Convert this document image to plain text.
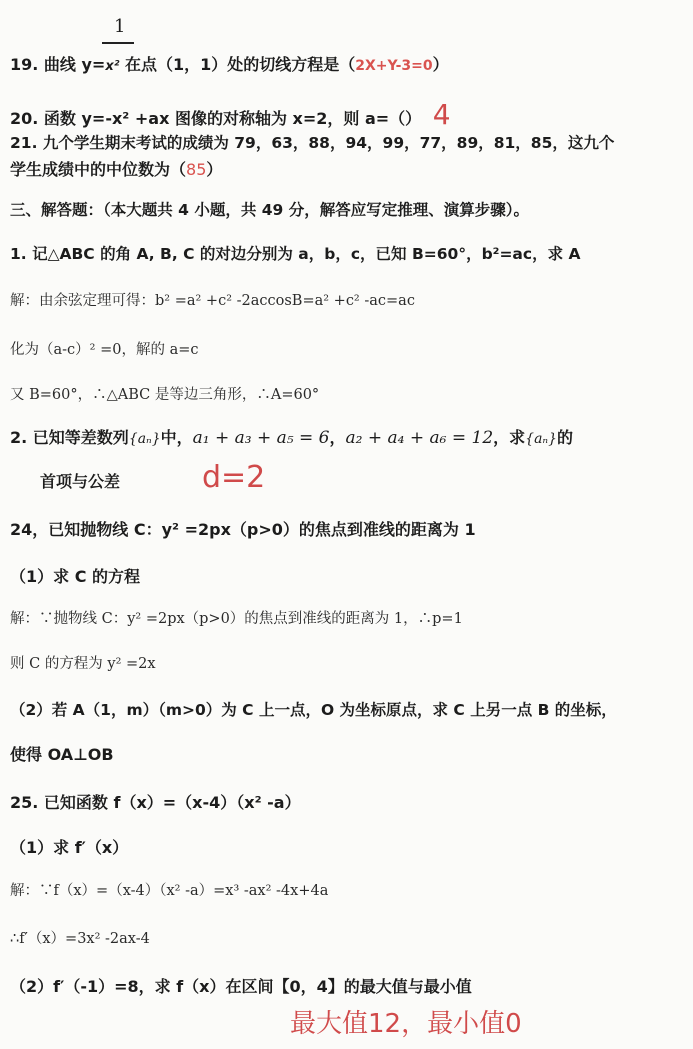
1
19. 曲线 y=x² 在点（1，1）处的切线方程是（2X+Y-3=0）
20. 函数 y=-x² +ax 图像的对称轴为 x=2，则 a=（） 4
21. 九个学生期末考试的成绩为 79，63，88，94，99，77，89，81，85，这九个
学生成绩中的中位数为（85）
三、解答题：（本大题共 4 小题，共 49 分，解答应写定推理、演算步骤）。
1. 记△ABC 的角 A, B, C 的对边分别为 a，b，c，已知 B=60°，b²=ac，求 A
解：由余弦定理可得：b² =a² +c² -2accosB=a² +c² -ac=ac
化为（a-c）² =0，解的 a=c
又 B=60°，∴△ABC 是等边三角形，∴A=60°
2. 已知等差数列{aₙ}中，a₁ + a₃ + a₅ = 6，a₂ + a₄ + a₆ = 12，求{aₙ}的
首项与公差	d=2
24，已知抛物线 C：y² =2px（p>0）的焦点到准线的距离为 1
（1）求 C 的方程
解：∵抛物线 C：y² =2px（p>0）的焦点到准线的距离为 1，∴p=1
则 C 的方程为 y² =2x
（2）若 A（1，m）（m>0）为 C 上一点，O 为坐标原点，求 C 上另一点 B 的坐标，
使得 OA⊥OB
25. 已知函数 f（x）=（x-4）（x² -a）
（1）求 f′（x）
解：∵f（x）=（x-4）（x² -a）=x³ -ax² -4x+4a
∴f′（x）=3x² -2ax-4
（2）f′（-1）=8，求 f（x）在区间【0，4】的最大值与最小值
最大值12，最小值0
